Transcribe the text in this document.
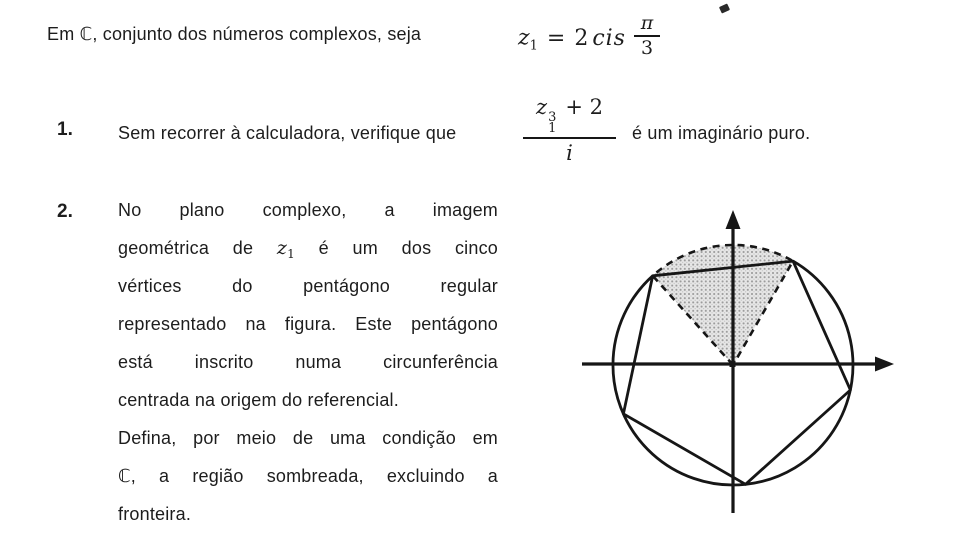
Em ℂ, conjunto dos números complexos, seja	$z_1 = 2$ cis $\frac{\pi}{3}$
1.	Sem recorrer à calculadora, verifique que
z 3
1
+ 2
i
é um imaginário puro.
2.	No plano complexo, a imagem
geométrica de $z_1$ é um dos cinco
vértices do pentágono regular
representado na figura. Este pentágono
está inscrito numa circunferência
centrada na origem do referencial.
Defina, por meio de uma condição em
ℂ, a região sombreada, excluindo a
fronteira.
